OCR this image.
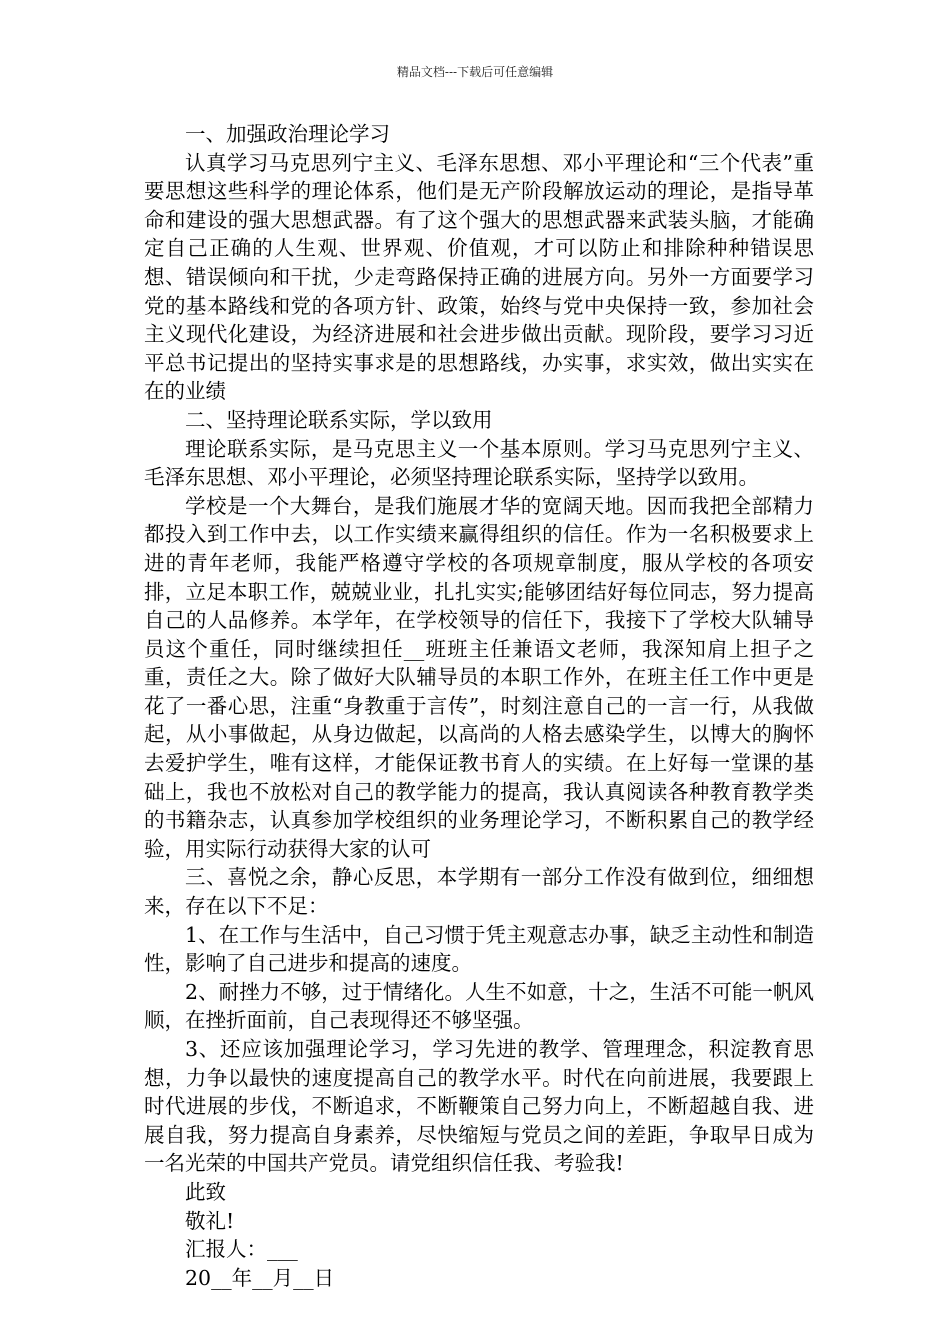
精品文档---下载后可任意编辑

一、加强政治理论学习

认真学习马克思列宁主义、毛泽东思想、邓小平理论和“三个代表”重要思想这些科学的理论体系，他们是无产阶段解放运动的理论，是指导革命和建设的强大思想武器。有了这个强大的思想武器来武装头脑，才能确定自己正确的人生观、世界观、价值观，才可以防止和排除种种错误思想、错误倾向和干扰，少走弯路保持正确的进展方向。另外一方面要学习党的基本路线和党的各项方针、政策，始终与党中央保持一致，参加社会主义现代化建设，为经济进展和社会进步做出贡献。现阶段，要学习习近平总书记提出的坚持实事求是的思想路线，办实事，求实效，做出实实在在的业绩

二、坚持理论联系实际，学以致用

理论联系实际，是马克思主义一个基本原则。学习马克思列宁主义、毛泽东思想、邓小平理论，必须坚持理论联系实际，坚持学以致用。

学校是一个大舞台，是我们施展才华的宽阔天地。因而我把全部精力都投入到工作中去，以工作实绩来赢得组织的信任。作为一名积极要求上进的青年老师，我能严格遵守学校的各项规章制度，服从学校的各项安排，立足本职工作，兢兢业业，扎扎实实;能够团结好每位同志，努力提高自己的人品修养。本学年，在学校领导的信任下，我接下了学校大队辅导员这个重任，同时继续担任__班班主任兼语文老师，我深知肩上担子之重，责任之大。除了做好大队辅导员的本职工作外，在班主任工作中更是花了一番心思，注重“身教重于言传”，时刻注意自己的一言一行，从我做起，从小事做起，从身边做起，以高尚的人格去感染学生，以博大的胸怀去爱护学生，唯有这样，才能保证教书育人的实绩。在上好每一堂课的基础上，我也不放松对自己的教学能力的提高，我认真阅读各种教育教学类的书籍杂志，认真参加学校组织的业务理论学习，不断积累自己的教学经验，用实际行动获得大家的认可

三、喜悦之余，静心反思，本学期有一部分工作没有做到位，细细想来，存在以下不足：

1、在工作与生活中，自己习惯于凭主观意志办事，缺乏主动性和制造性，影响了自己进步和提高的速度。

2、耐挫力不够，过于情绪化。人生不如意，十之，生活不可能一帆风顺，在挫折面前，自己表现得还不够坚强。

3、还应该加强理论学习，学习先进的教学、管理理念，积淀教育思想，力争以最快的速度提高自己的教学水平。时代在向前进展，我要跟上时代进展的步伐，不断追求，不断鞭策自己努力向上，不断超越自我、进展自我，努力提高自身素养，尽快缩短与党员之间的差距，争取早日成为一名光荣的中国共产党员。请党组织信任我、考验我!

此致

敬礼!

汇报人：___

20__年__月__日
